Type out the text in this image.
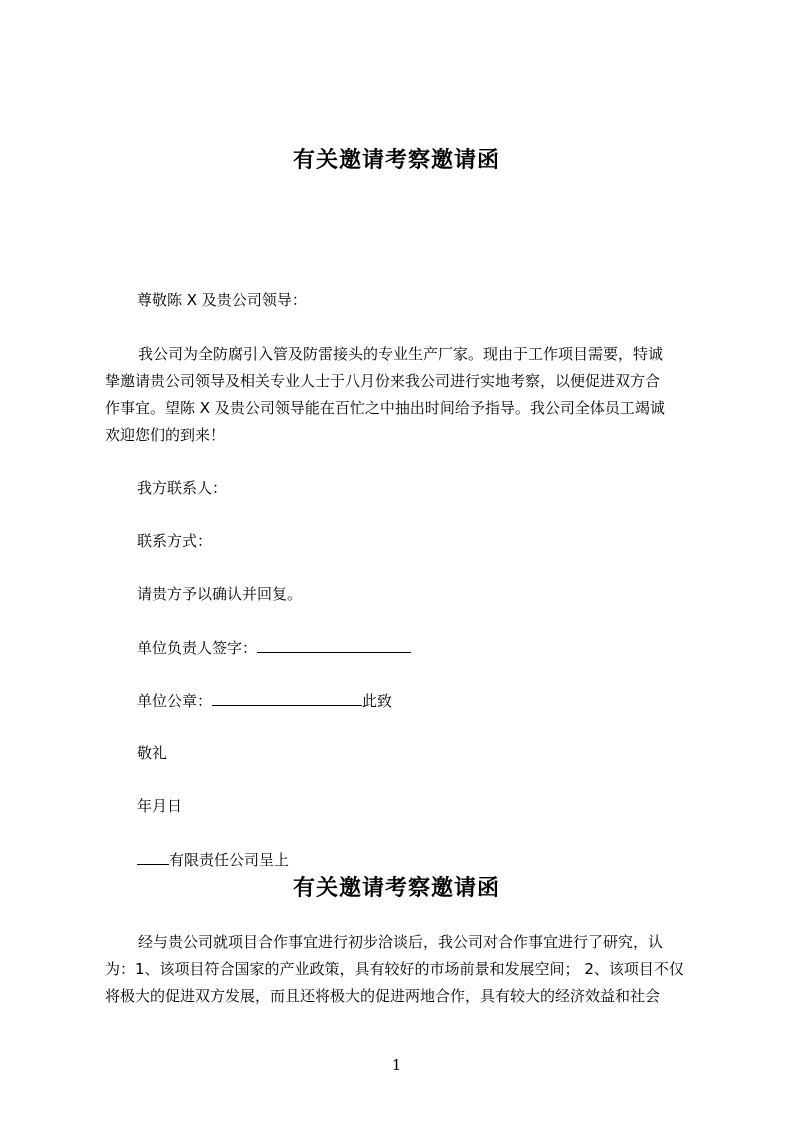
有关邀请考察邀请函
尊敬陈 X 及贵公司领导：
我公司为全防腐引入管及防雷接头的专业生产厂家。现由于工作项目需要，特诚
挚邀请贵公司领导及相关专业人士于八月份来我公司进行实地考察，以便促进双方合
作事宜。望陈 X 及贵公司领导能在百忙之中抽出时间给予指导。我公司全体员工竭诚
欢迎您们的到来！
我方联系人：
联系方式：
请贵方予以确认并回复。
单位负责人签字：
单位公章：	此致
敬礼
年月日
有限责任公司呈上
有关邀请考察邀请函
经与贵公司就项目合作事宜进行初步洽谈后，我公司对合作事宜进行了研究，认
为：1、该项目符合国家的产业政策，具有较好的市场前景和发展空间； 2、该项目不仅
将极大的促进双方发展，而且还将极大的促进两地合作，具有较大的经济效益和社会
1
